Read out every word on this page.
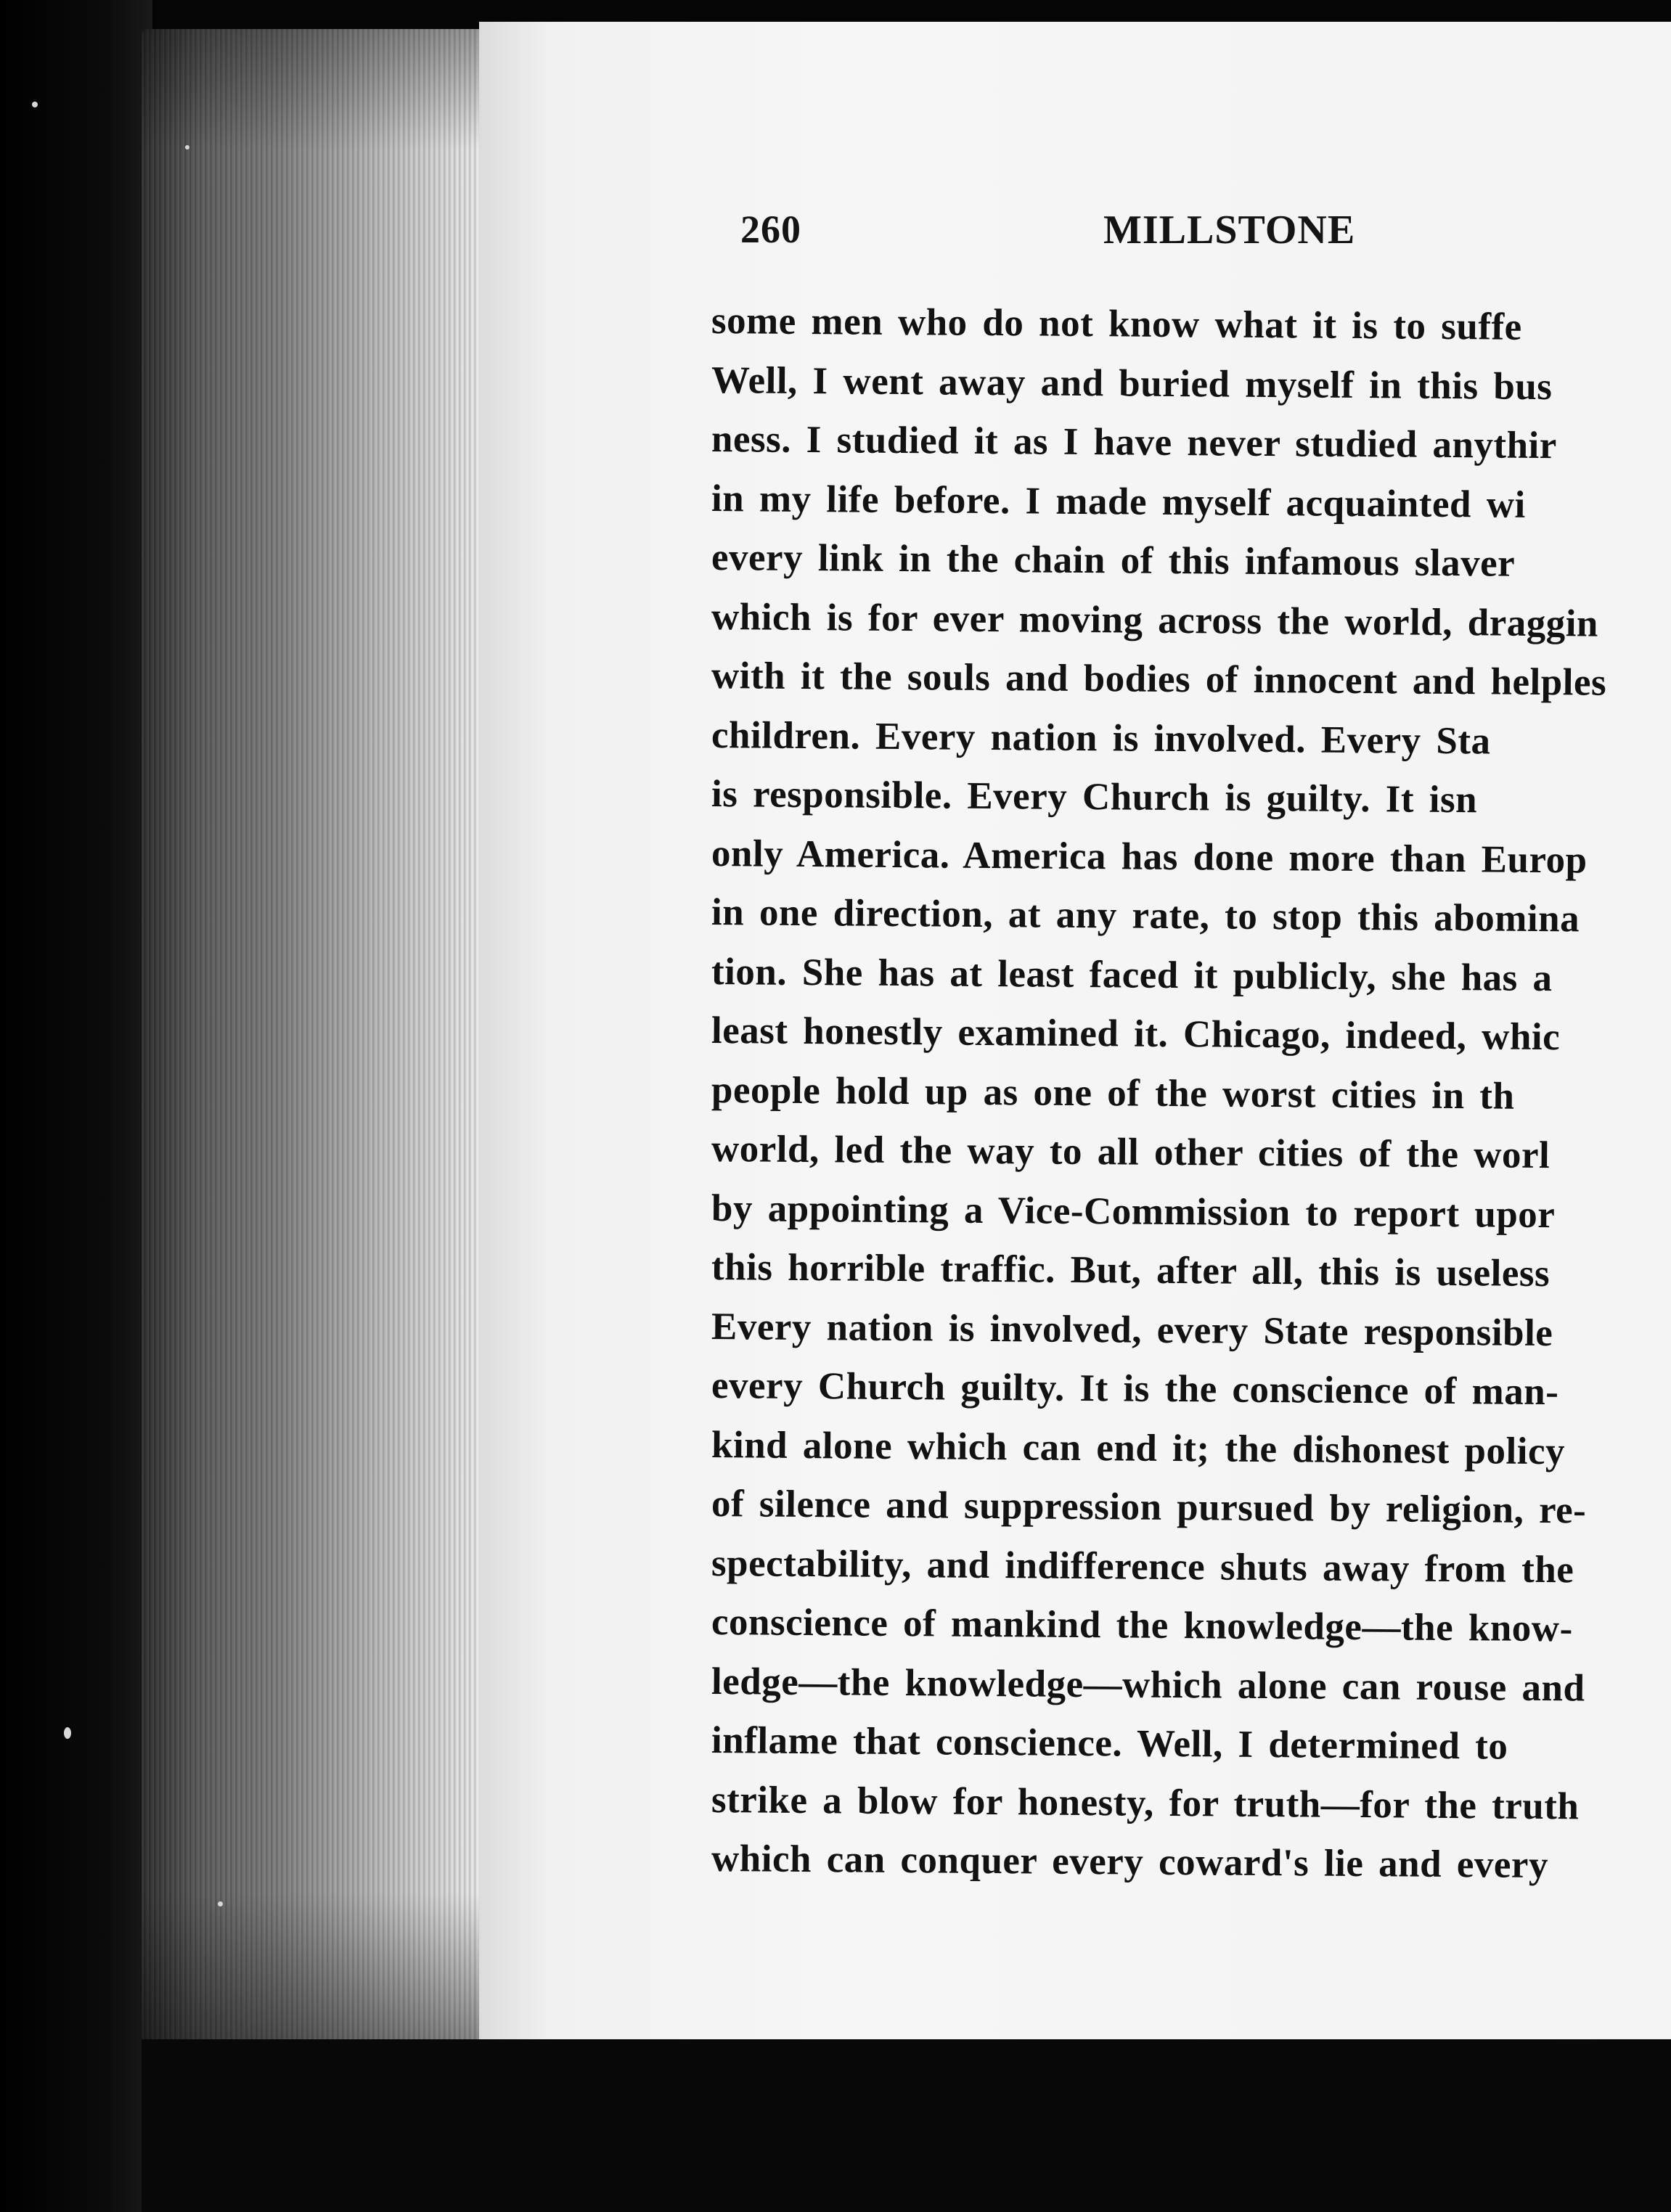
260	MILLSTONE
some men who do not know what it is to suffe
Well, I went away and buried myself in this bus
ness. I studied it as I have never studied anythir
in my life before. I made myself acquainted wi
every link in the chain of this infamous slaver
which is for ever moving across the world, draggin
with it the souls and bodies of innocent and helples
children. Every nation is involved. Every Sta
is responsible. Every Church is guilty. It isn
only America. America has done more than Europ
in one direction, at any rate, to stop this abomina
tion. She has at least faced it publicly, she has a
least honestly examined it. Chicago, indeed, whic
people hold up as one of the worst cities in th
world, led the way to all other cities of the worl
by appointing a Vice-Commission to report upor
this horrible traffic. But, after all, this is useless
Every nation is involved, every State responsible
every Church guilty. It is the conscience of man-
kind alone which can end it; the dishonest policy
of silence and suppression pursued by religion, re-
spectability, and indifference shuts away from the
conscience of mankind the knowledge—the know-
ledge—the knowledge—which alone can rouse and
inflame that conscience. Well, I determined to
strike a blow for honesty, for truth—for the truth
which can conquer every coward's lie and every
